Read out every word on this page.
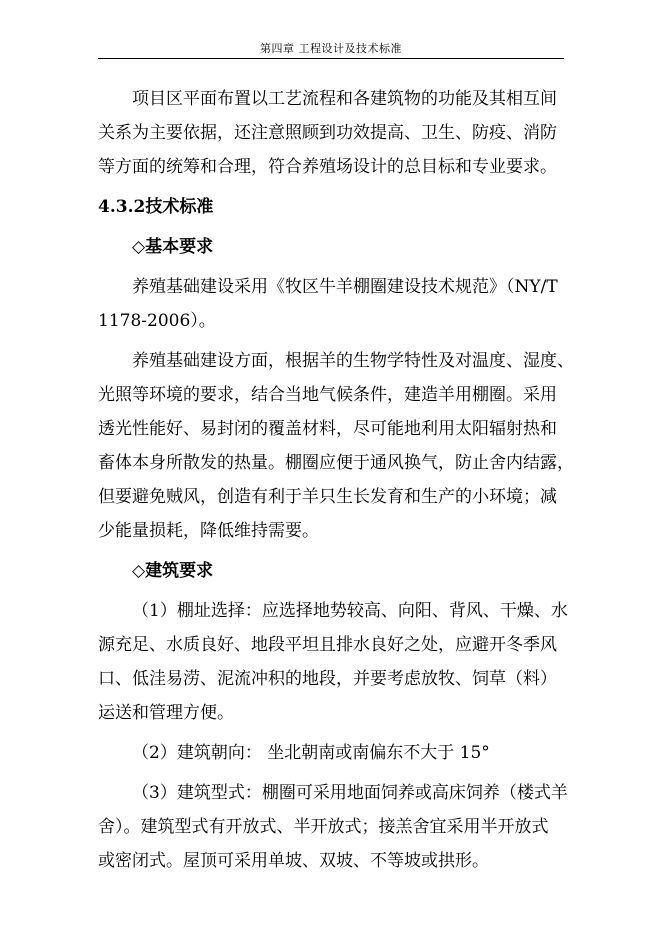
第四章 工程设计及技术标准
项目区平面布置以工艺流程和各建筑物的功能及其相互间
关系为主要依据，还注意照顾到功效提高、卫生、防疫、消防
等方面的统筹和合理，符合养殖场设计的总目标和专业要求。
4.3.2技术标准
◇基本要求
养殖基础建设采用《牧区牛羊棚圈建设技术规范》（NY/T
1178-2006）。
养殖基础建设方面，根据羊的生物学特性及对温度、湿度、
光照等环境的要求，结合当地气候条件，建造羊用棚圈。采用
透光性能好、易封闭的覆盖材料，尽可能地利用太阳辐射热和
畜体本身所散发的热量。棚圈应便于通风换气，防止舍内结露，
但要避免贼风，创造有利于羊只生长发育和生产的小环境；减
少能量损耗，降低维持需要。
◇建筑要求
（1）棚址选择：应选择地势较高、向阳、背风、干燥、水
源充足、水质良好、地段平坦且排水良好之处，应避开冬季风
口、低洼易涝、泥流冲积的地段，并要考虑放牧、饲草（料）
运送和管理方便。
（2）建筑朝向： 坐北朝南或南偏东不大于 15°
（3）建筑型式：棚圈可采用地面饲养或高床饲养（楼式羊
舍）。建筑型式有开放式、半开放式；接羔舍宜采用半开放式
或密闭式。屋顶可采用单坡、双坡、不等坡或拱形。
